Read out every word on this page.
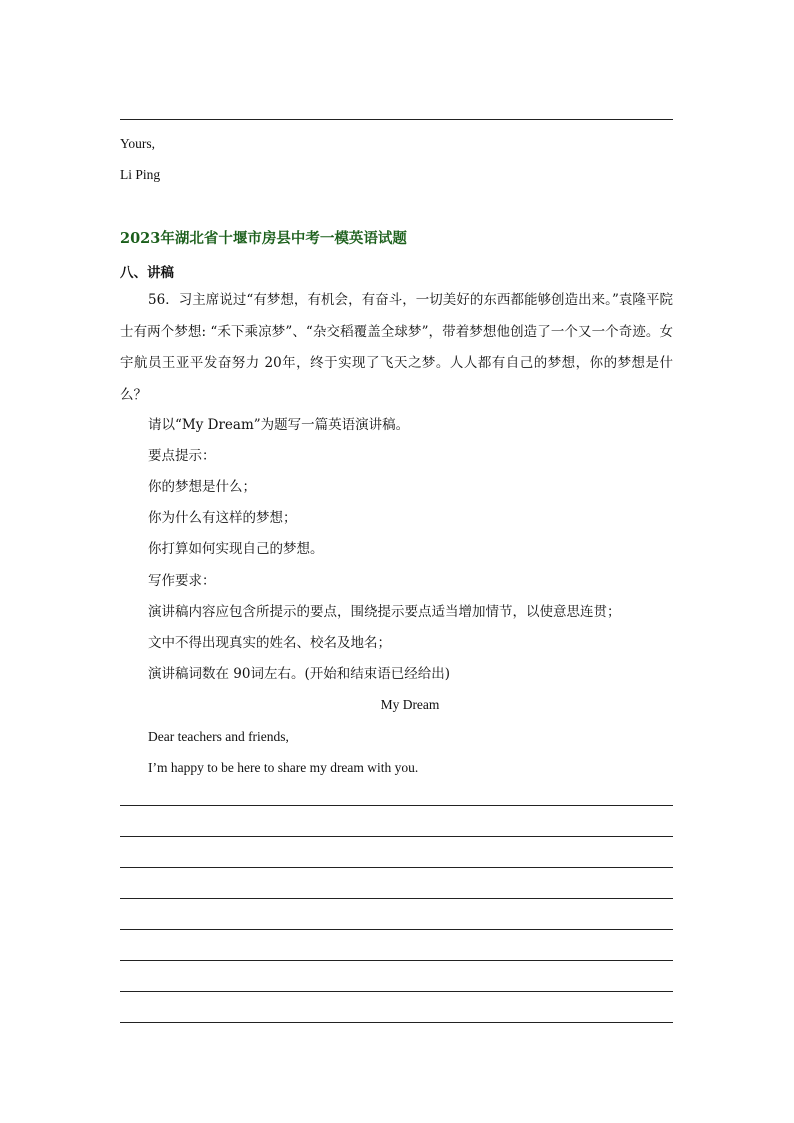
Yours,
Li Ping
2023年湖北省十堰市房县中考一模英语试题
八、讲稿
56．习主席说过“有梦想，有机会，有奋斗，一切美好的东西都能够创造出来。”袁隆平院士有两个梦想: “禾下乘凉梦”、“杂交稻覆盖全球梦”，带着梦想他创造了一个又一个奇迹。女宇航员王亚平发奋努力 20年，终于实现了飞天之梦。人人都有自己的梦想，你的梦想是什么？
请以“My Dream”为题写一篇英语演讲稿。
要点提示：
你的梦想是什么；
你为什么有这样的梦想；
你打算如何实现自己的梦想。
写作要求：
演讲稿内容应包含所提示的要点，围绕提示要点适当增加情节，以使意思连贯；
文中不得出现真实的姓名、校名及地名；
演讲稿词数在 90词左右。(开始和结束语已经给出)
My Dream
Dear teachers and friends,
I’m happy to be here to share my dream with you.
